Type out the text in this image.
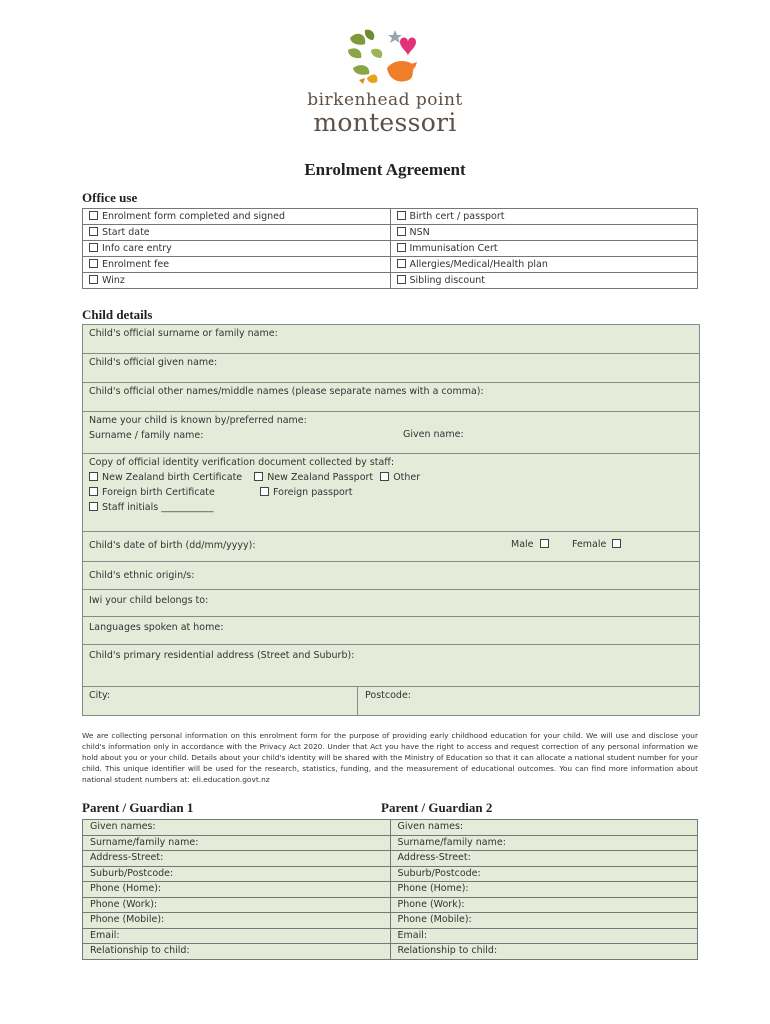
birkenhead point
montessori
Enrolment Agreement
Office use
Enrolment form completed and signed	Birth cert / passport
Start date	NSN
Info care entry	Immunisation Cert
Enrolment fee	Allergies/Medical/Health plan
Winz	Sibling discount
Child details
Child's official surname or family name:
Child's official given name:
Child's official other names/middle names (please separate names with a comma):
Name your child is known by/preferred name:
Surname / family name:	Given name:
Copy of official identity verification document collected by staff:
New Zealand birth Certificate	New Zealand Passport Other
Foreign birth Certificate	Foreign passport
Staff initials ___________
Child's date of birth (dd/mm/yyyy):	Male	Female
Child's ethnic origin/s:
Iwi your child belongs to:
Languages spoken at home:
Child's primary residential address (Street and Suburb):
City:	Postcode:
We are collecting personal information on this enrolment form for the purpose of providing early childhood education for your child. We will use and disclose your child's information only in accordance with the Privacy Act 2020. Under that Act you have the right to access and request correction of any personal information we hold about you or your child. Details about your child's identity will be shared with the Ministry of Education so that it can allocate a national student number for your child. This unique identifier will be used for the research, statistics, funding, and the measurement of educational outcomes. You can find more information about national student numbers at: eli.education.govt.nz
Parent / Guardian 1	Parent / Guardian 2
Given names:	Given names:
Surname/family name:	Surname/family name:
Address-Street:	Address-Street:
Suburb/Postcode:	Suburb/Postcode:
Phone (Home):	Phone (Home):
Phone (Work):	Phone (Work):
Phone (Mobile):	Phone (Mobile):
Email:	Email:
Relationship to child:	Relationship to child:
